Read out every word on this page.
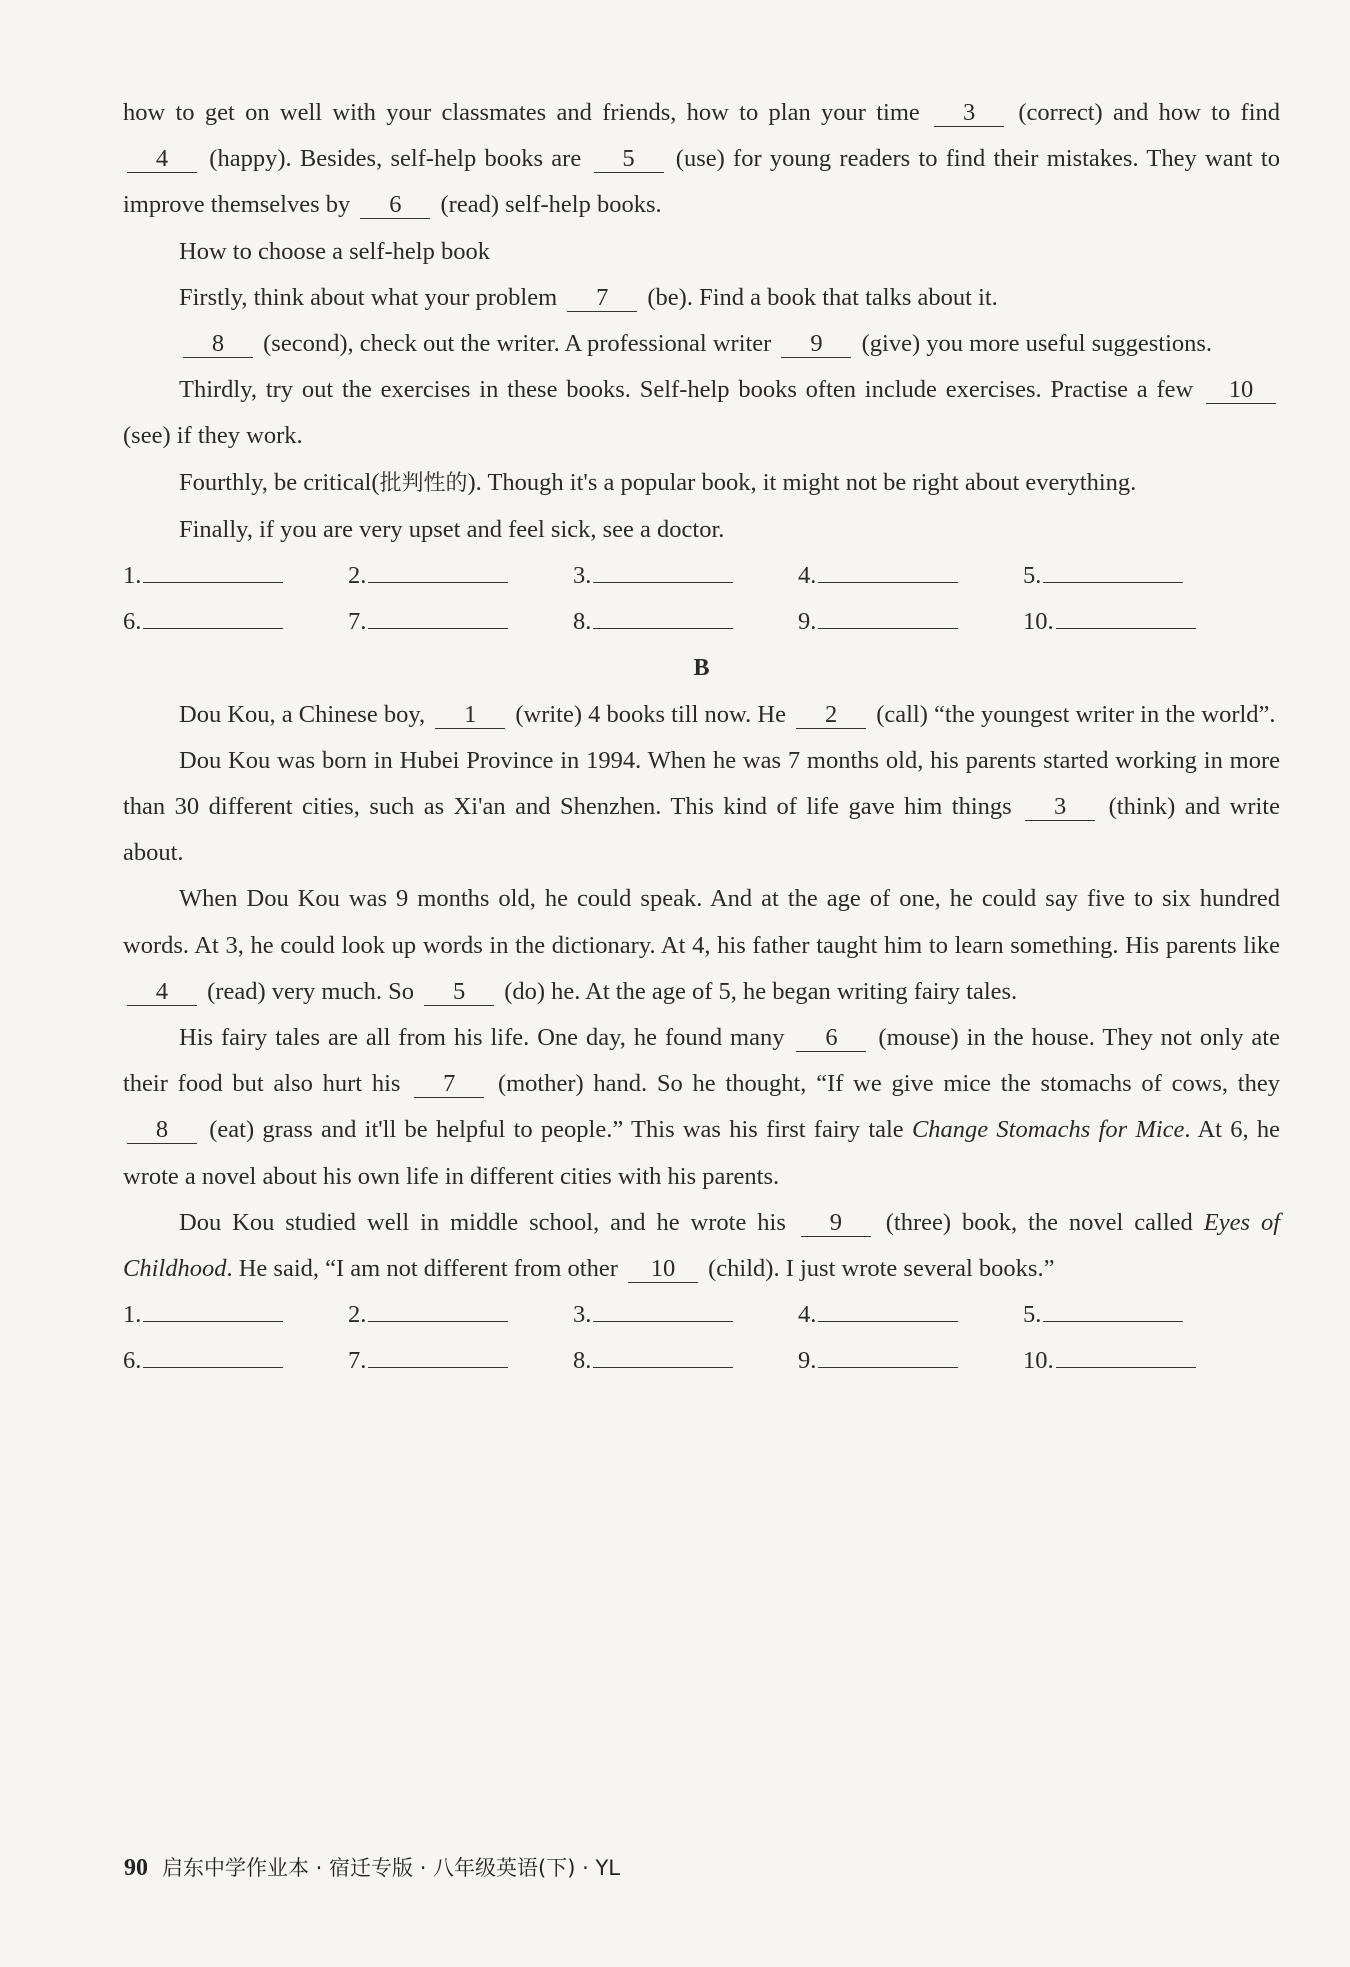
how to get on well with your classmates and friends, how to plan your time 3 (correct) and how to find 4 (happy). Besides, self-help books are 5 (use) for young readers to find their mistakes. They want to improve themselves by 6 (read) self-help books.

How to choose a self-help book

Firstly, think about what your problem 7 (be). Find a book that talks about it.

8 (second), check out the writer. A professional writer 9 (give) you more useful suggestions.

Thirdly, try out the exercises in these books. Self-help books often include exercises. Practise a few 10 (see) if they work.

Fourthly, be critical(批判性的). Though it's a popular book, it might not be right about everything.

Finally, if you are very upset and feel sick, see a doctor.

1.	2.	3.	4.	5.
6.	7.	8.	9.	10.

B

Dou Kou, a Chinese boy, 1 (write) 4 books till now. He 2 (call) “the youngest writer in the world”.

Dou Kou was born in Hubei Province in 1994. When he was 7 months old, his parents started working in more than 30 different cities, such as Xi'an and Shenzhen. This kind of life gave him things 3 (think) and write about.

When Dou Kou was 9 months old, he could speak. And at the age of one, he could say five to six hundred words. At 3, he could look up words in the dictionary. At 4, his father taught him to learn something. His parents like 4 (read) very much. So 5 (do) he. At the age of 5, he began writing fairy tales.

His fairy tales are all from his life. One day, he found many 6 (mouse) in the house. They not only ate their food but also hurt his 7 (mother) hand. So he thought, “If we give mice the stomachs of cows, they 8 (eat) grass and it'll be helpful to people.” This was his first fairy tale Change Stomachs for Mice. At 6, he wrote a novel about his own life in different cities with his parents.

Dou Kou studied well in middle school, and he wrote his 9 (three) book, the novel called Eyes of Childhood. He said, “I am not different from other 10 (child). I just wrote several books.”

1.	2.	3.	4.	5.
6.	7.	8.	9.	10.
90 启东中学作业本 · 宿迁专版 · 八年级英语(下) · YL
